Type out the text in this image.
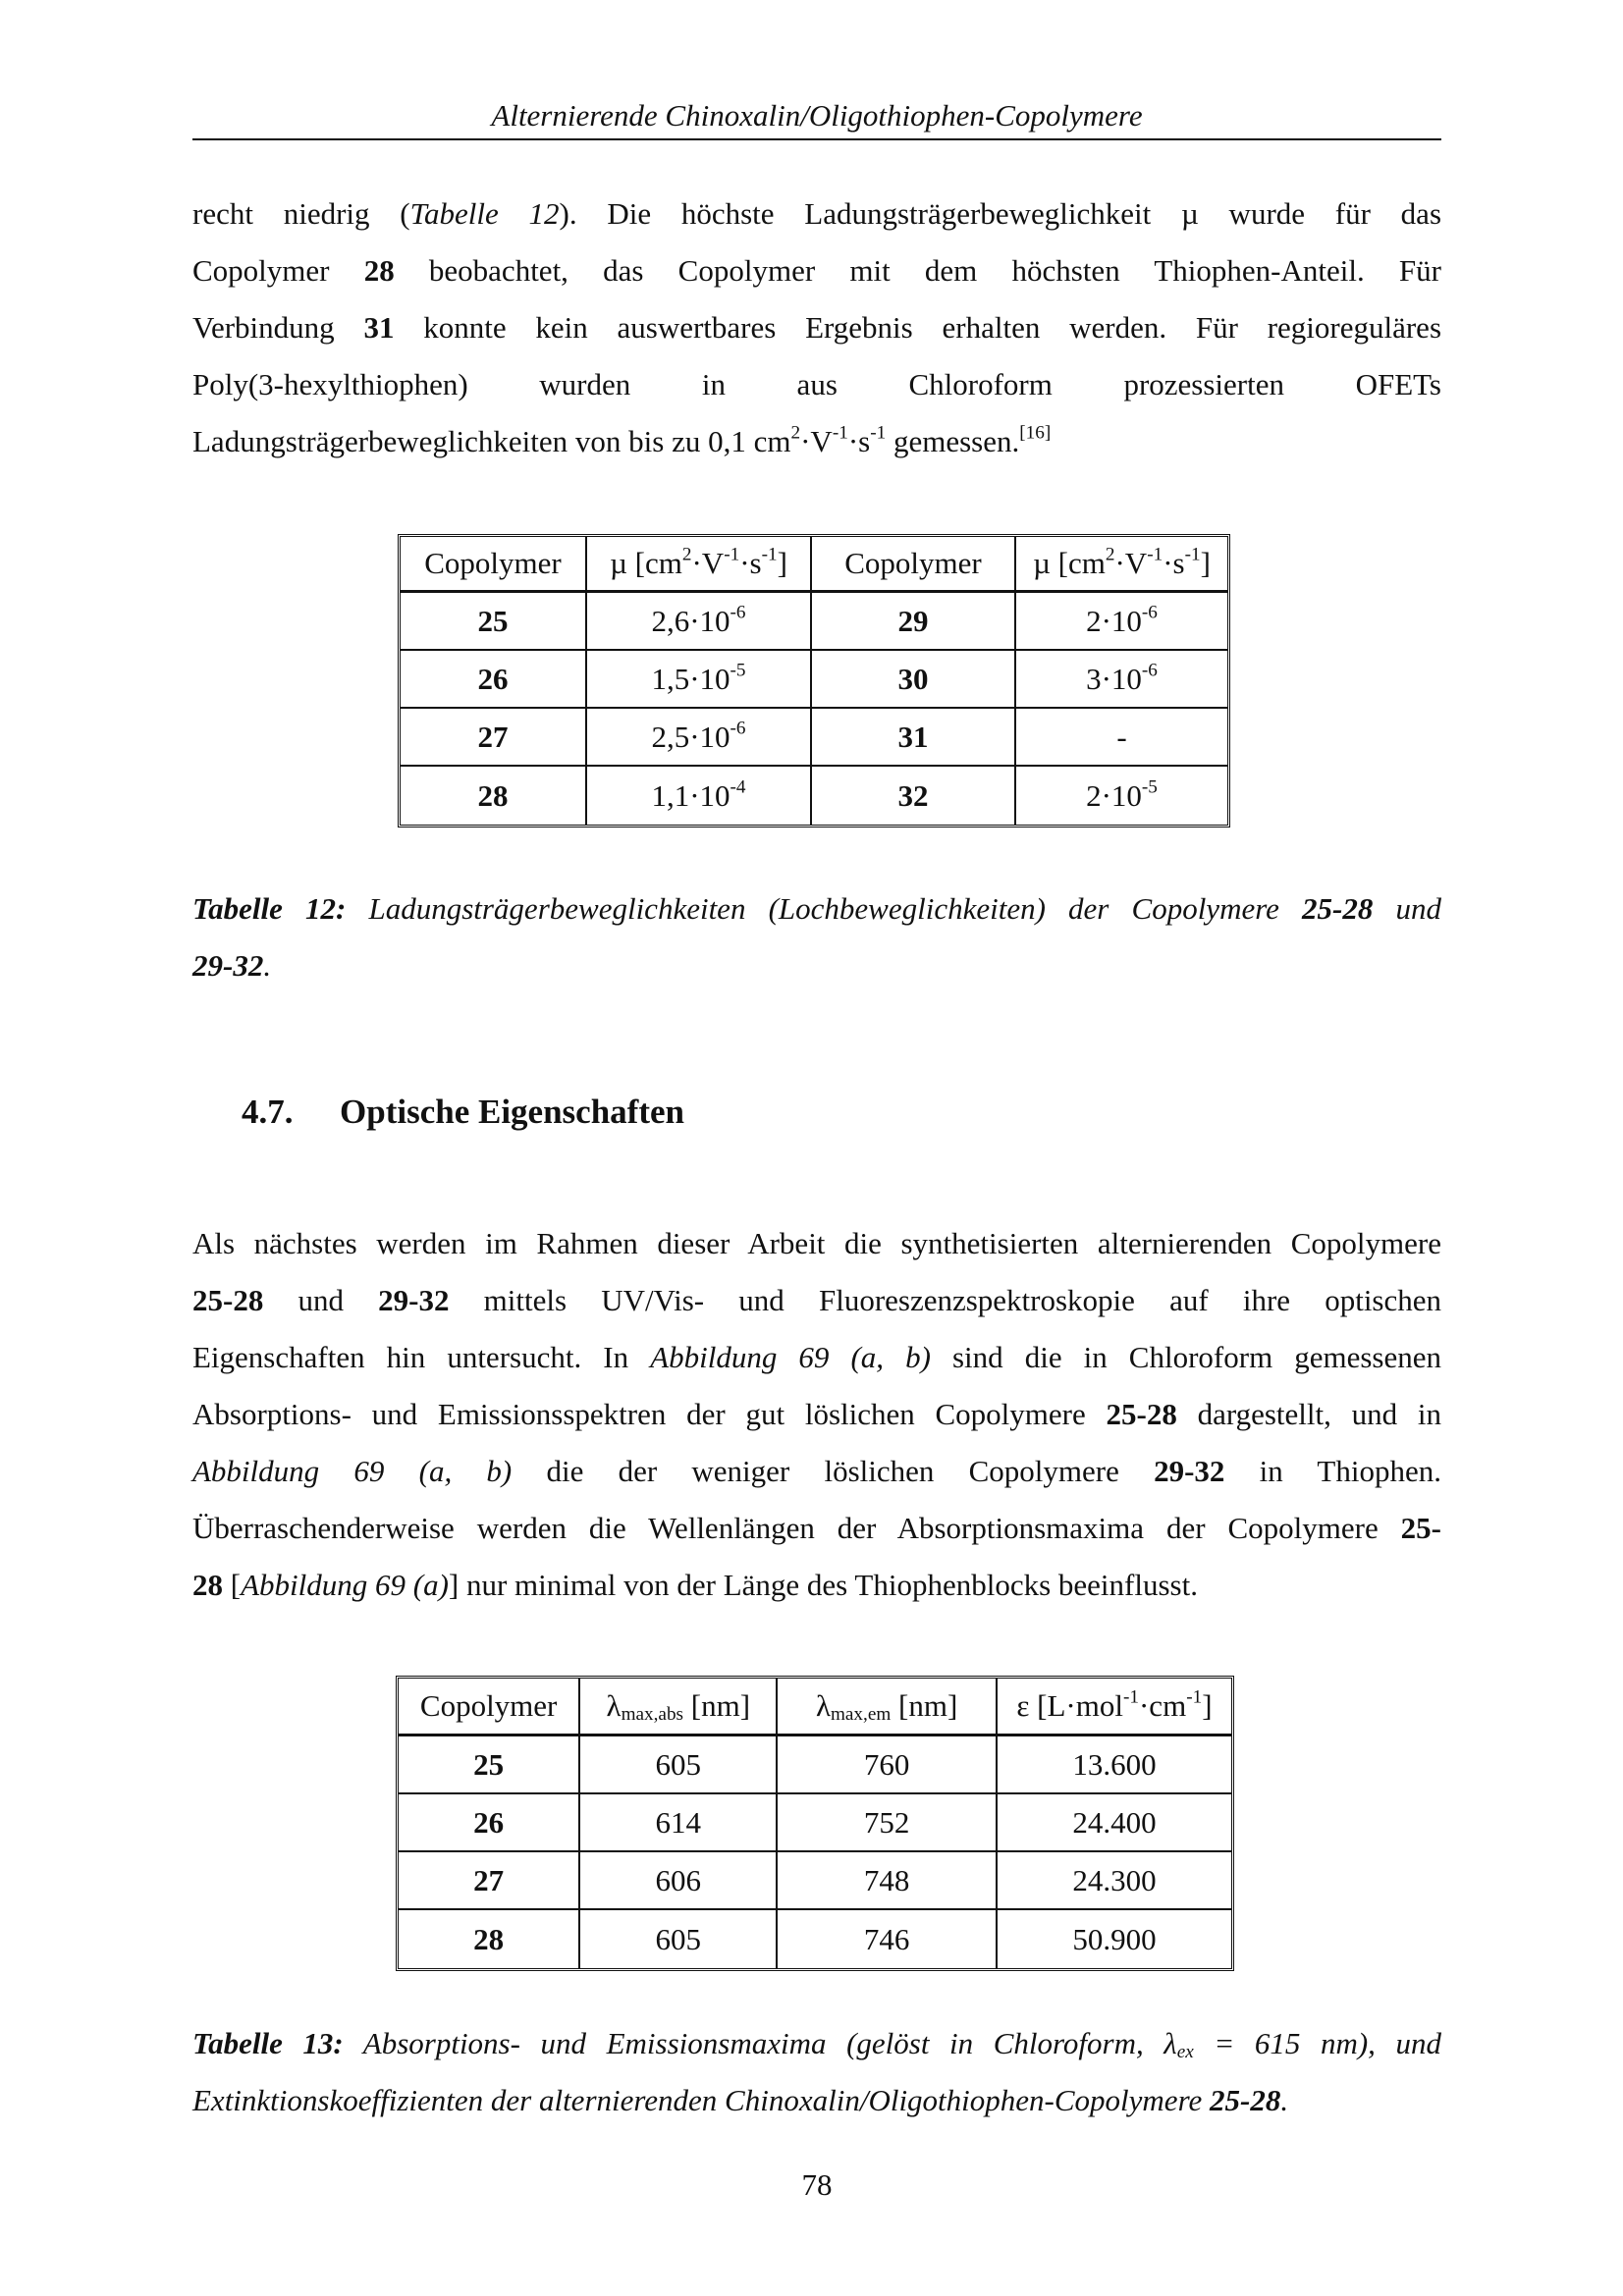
Alternierende Chinoxalin/Oligothiophen-Copolymere
recht niedrig (Tabelle 12). Die höchste Ladungsträgerbeweglichkeit µ wurde für das
Copolymer 28 beobachtet, das Copolymer mit dem höchsten Thiophen-Anteil. Für
Verbindung 31 konnte kein auswertbares Ergebnis erhalten werden. Für regioreguläres
Poly(3-hexylthiophen) wurden in aus Chloroform prozessierten OFETs
Ladungsträgerbeweglichkeiten von bis zu 0,1 $cm^2\cdot V^{-1}\cdot s^{-1}$ gemessen.[16]
Copolymer	µ $[cm^2\cdot V^{-1}\cdot s^{-1}]$	Copolymer	µ $[cm^2\cdot V^{-1}\cdot s^{-1}]$
25	$2,6\cdot 10^{-6}$	29	$2\cdot 10^{-6}$
26	$1,5\cdot 10^{-5}$	30	$3\cdot 10^{-6}$
27	$2,5\cdot 10^{-6}$	31	-
28	$1,1\cdot 10^{-4}$	32	$2\cdot 10^{-5}$
Tabelle 12: Ladungsträgerbeweglichkeiten (Lochbeweglichkeiten) der Copolymere 25-28 und
29-32.
4.7. Optische Eigenschaften
Als nächstes werden im Rahmen dieser Arbeit die synthetisierten alternierenden Copolymere
25-28 und 29-32 mittels UV/Vis- und Fluoreszenzspektroskopie auf ihre optischen
Eigenschaften hin untersucht. In Abbildung 69 (a, b) sind die in Chloroform gemessenen
Absorptions- und Emissionsspektren der gut löslichen Copolymere 25-28 dargestellt, und in
Abbildung 69 (a, b) die der weniger löslichen Copolymere 29-32 in Thiophen.
Überraschenderweise werden die Wellenlängen der Absorptionsmaxima der Copolymere 25-
28 [Abbildung 69 (a)] nur minimal von der Länge des Thiophenblocks beeinflusst.
Copolymer	$\lambda_{max,abs}$ [nm]	$\lambda_{max,em}$ [nm]	ε $[L\cdot mol^{-1}\cdot cm^{-1}]$
25	605	760	13.600
26	614	752	24.400
27	606	748	24.300
28	605	746	50.900
Tabelle 13: Absorptions- und Emissionsmaxima (gelöst in Chloroform, $\lambda_{ex} = 615$ nm), und
Extinktionskoeffizienten der alternierenden Chinoxalin/Oligothiophen-Copolymere 25-28.
78
